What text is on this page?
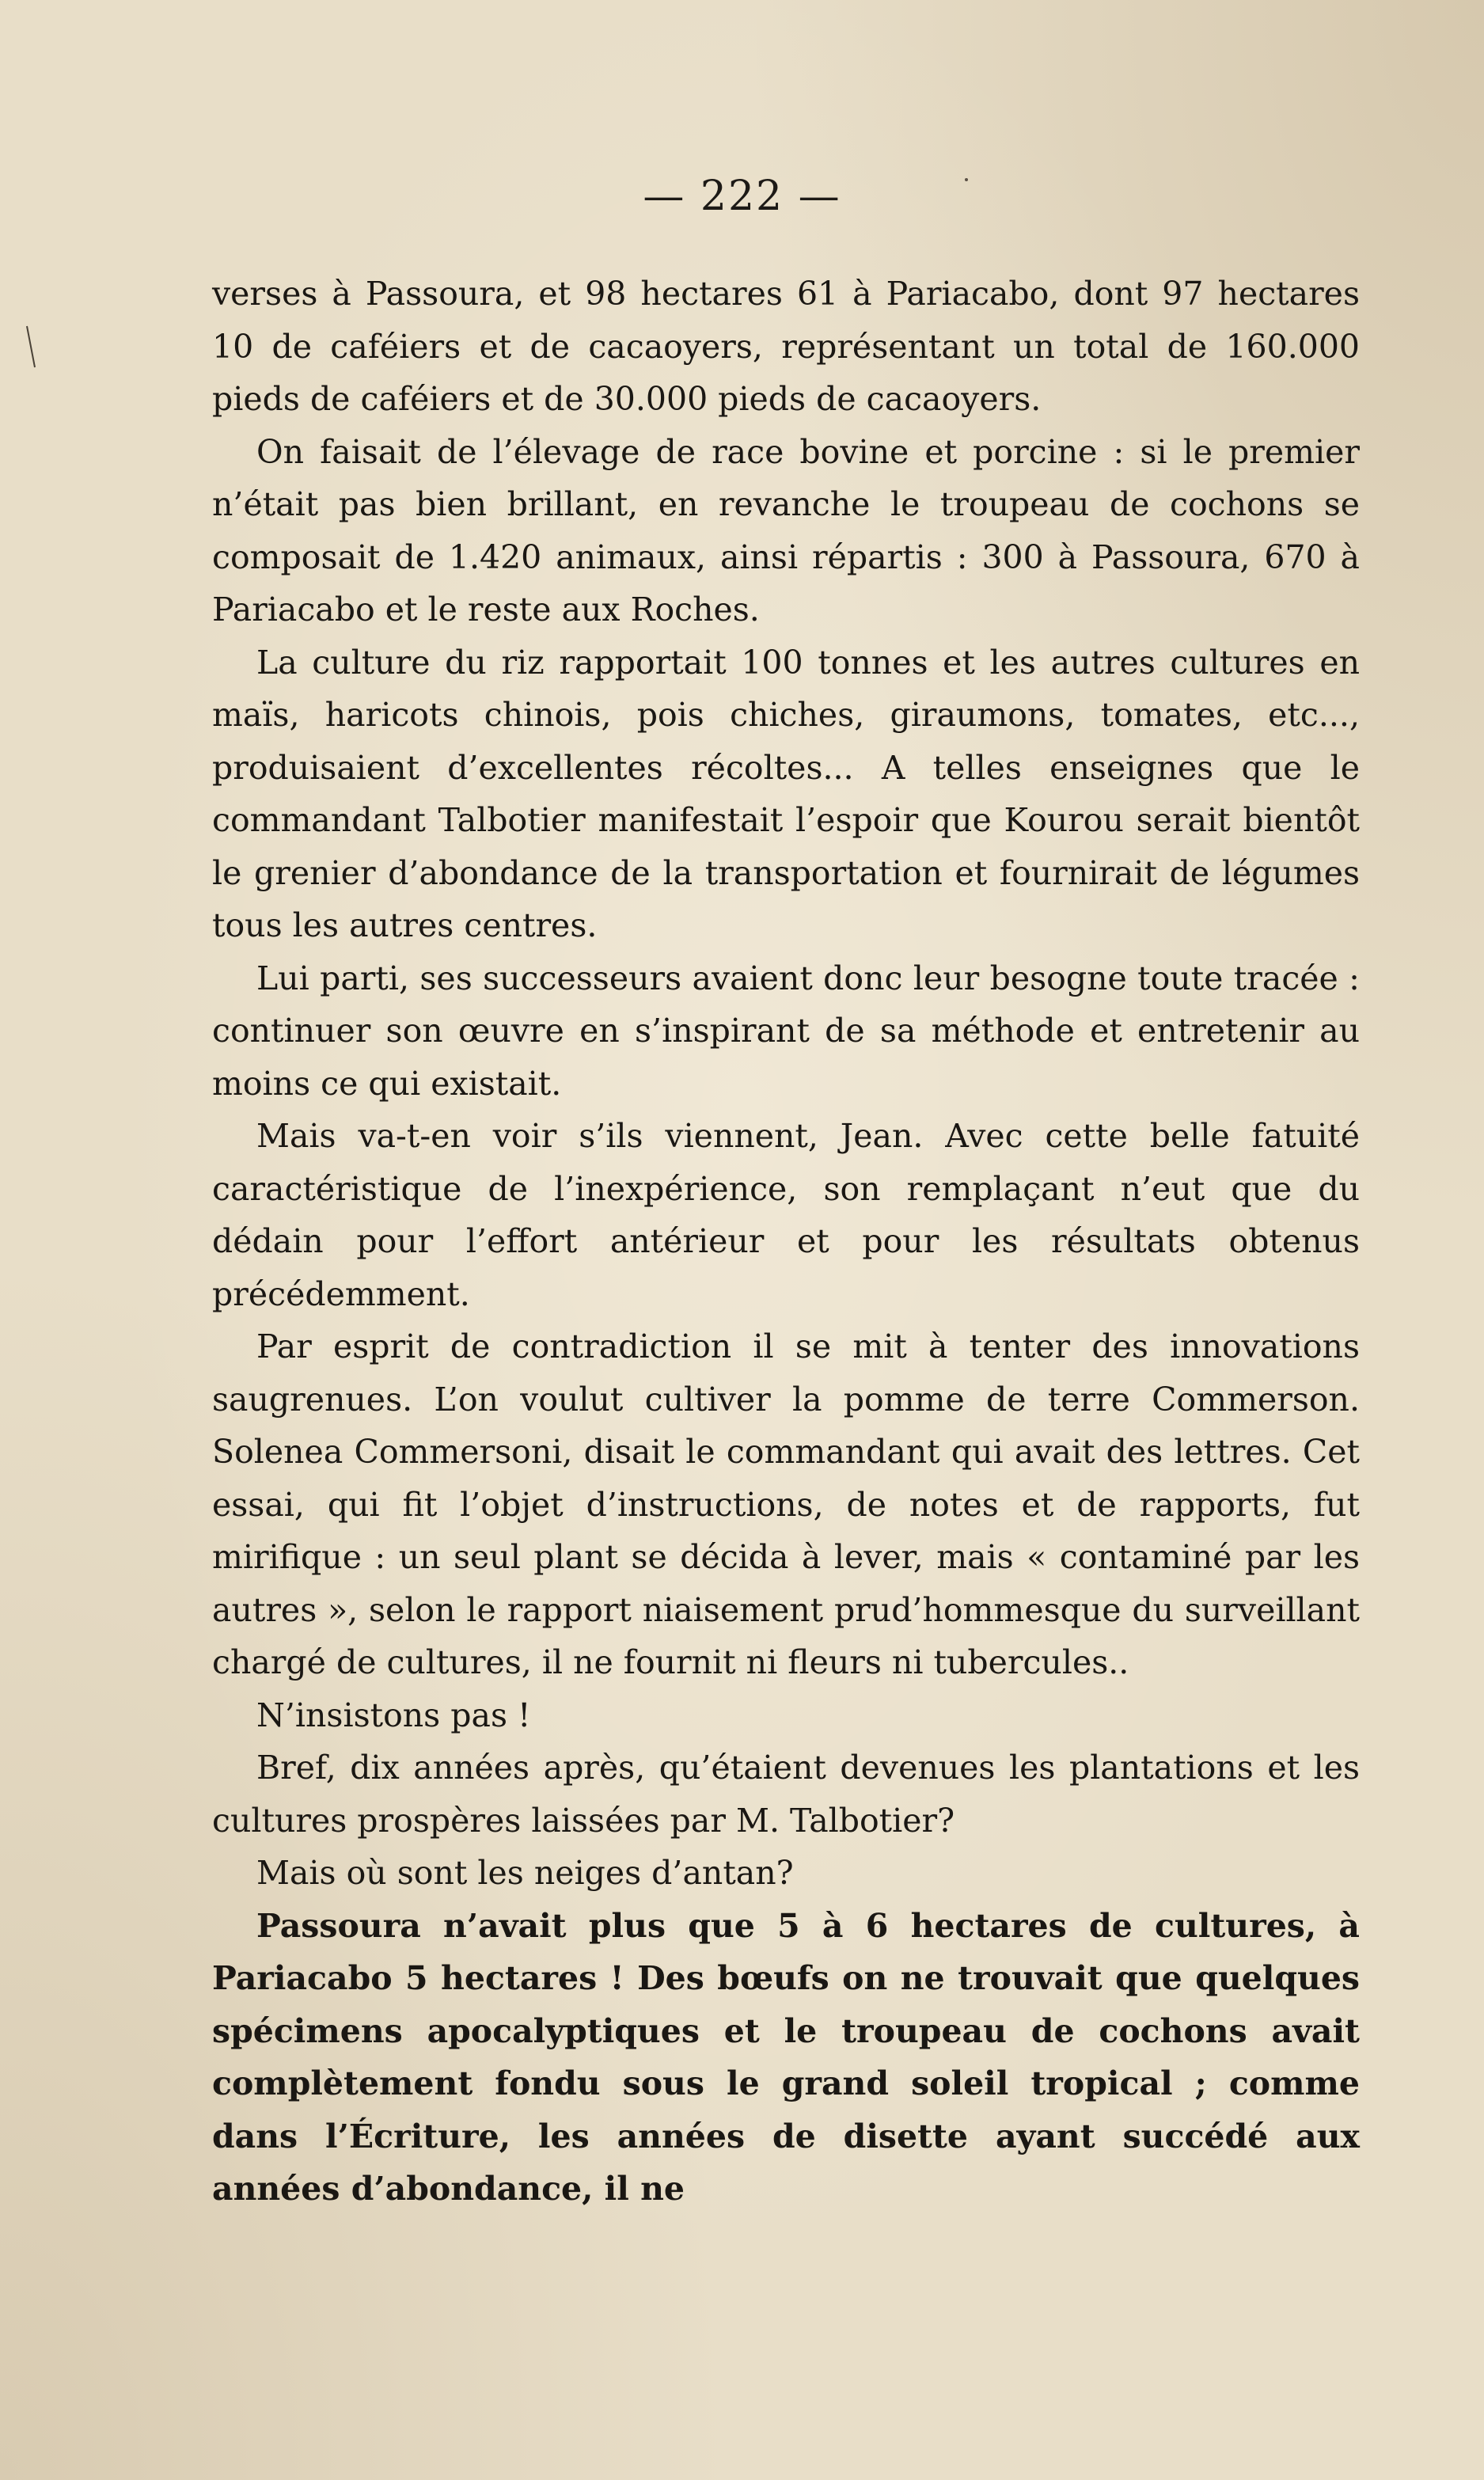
— 222 —

verses à Passoura, et 98 hectares 61 à Pariacabo, dont 97 hectares 10 de caféiers et de cacaoyers, représentant un total de 160.000 pieds de caféiers et de 30.000 pieds de cacaoyers.

On faisait de l’élevage de race bovine et porcine : si le premier n’était pas bien brillant, en revanche le troupeau de cochons se composait de 1.420 animaux, ainsi répartis : 300 à Passoura, 670 à Pariacabo et le reste aux Roches.

La culture du riz rapportait 100 tonnes et les autres cultures en maïs, haricots chinois, pois chiches, giraumons, tomates, etc..., produisaient d’excellentes récoltes... A telles enseignes que le commandant Talbotier manifestait l’espoir que Kourou serait bientôt le grenier d’abondance de la transportation et fournirait de légumes tous les autres centres.

Lui parti, ses successeurs avaient donc leur besogne toute tracée : continuer son œuvre en s’inspirant de sa méthode et entretenir au moins ce qui existait.

Mais va-t-en voir s’ils viennent, Jean. Avec cette belle fatuité caractéristique de l’inexpérience, son remplaçant n’eut que du dédain pour l’effort antérieur et pour les résultats obtenus précédemment.

Par esprit de contradiction il se mit à tenter des innovations saugrenues. L’on voulut cultiver la pomme de terre Commerson. Solenea Commersoni, disait le commandant qui avait des lettres. Cet essai, qui fit l’objet d’instructions, de notes et de rapports, fut mirifique : un seul plant se décida à lever, mais « contaminé par les autres », selon le rapport niaisement prud’hommesque du surveillant chargé de cultures, il ne fournit ni fleurs ni tubercules..

N’insistons pas !

Bref, dix années après, qu’étaient devenues les plantations et les cultures prospères laissées par M. Talbotier?

Mais où sont les neiges d’antan?

Passoura n’avait plus que 5 à 6 hectares de cultures, à Pariacabo 5 hectares ! Des bœufs on ne trouvait que quelques spécimens apocalyptiques et le troupeau de cochons avait complètement fondu sous le grand soleil tropical ; comme dans l’Écriture, les années de disette ayant succédé aux années d’abondance, il ne
